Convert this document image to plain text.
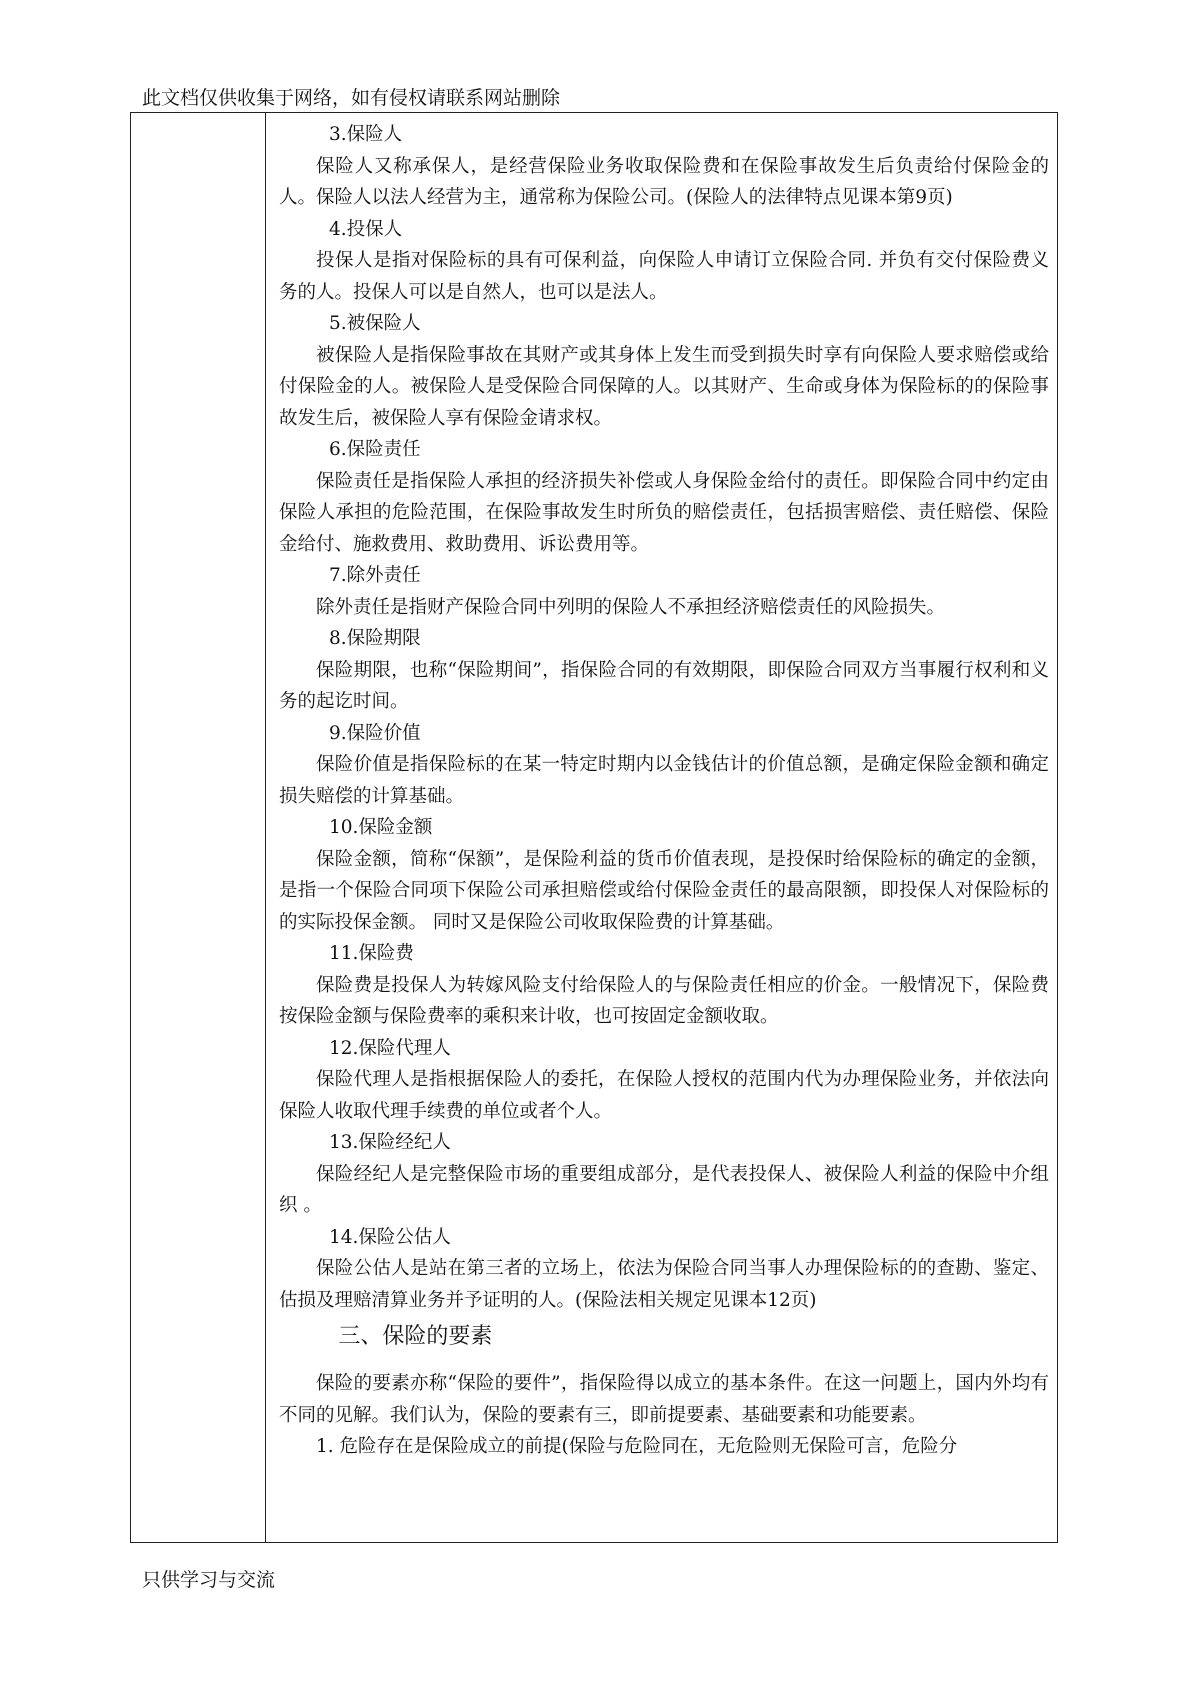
此文档仅供收集于网络，如有侵权请联系网站删除

3.保险人

保险人又称承保人，是经营保险业务收取保险费和在保险事故发生后负责给付保险金的人。保险人以法人经营为主，通常称为保险公司。(保险人的法律特点见课本第9页)

4.投保人

投保人是指对保险标的具有可保利益，向保险人申请订立保险合同. 并负有交付保险费义务的人。投保人可以是自然人，也可以是法人。

5.被保险人

被保险人是指保险事故在其财产或其身体上发生而受到损失时享有向保险人要求赔偿或给付保险金的人。被保险人是受保险合同保障的人。以其财产、生命或身体为保险标的的保险事故发生后，被保险人享有保险金请求权。

6.保险责任

保险责任是指保险人承担的经济损失补偿或人身保险金给付的责任。即保险合同中约定由保险人承担的危险范围，在保险事故发生时所负的赔偿责任，包括损害赔偿、责任赔偿、保险金给付、施救费用、救助费用、诉讼费用等。

7.除外责任

除外责任是指财产保险合同中列明的保险人不承担经济赔偿责任的风险损失。

8.保险期限

保险期限，也称“保险期间”，指保险合同的有效期限，即保险合同双方当事履行权利和义务的起讫时间。

9.保险价值

保险价值是指保险标的在某一特定时期内以金钱估计的价值总额，是确定保险金额和确定损失赔偿的计算基础。

10.保险金额

保险金额，简称“保额”，是保险利益的货币价值表现，是投保时给保险标的确定的金额，是指一个保险合同项下保险公司承担赔偿或给付保险金责任的最高限额，即投保人对保险标的的实际投保金额。 同时又是保险公司收取保险费的计算基础。

11.保险费

保险费是投保人为转嫁风险支付给保险人的与保险责任相应的价金。一般情况下，保险费按保险金额与保险费率的乘积来计收，也可按固定金额收取。

12.保险代理人

保险代理人是指根据保险人的委托，在保险人授权的范围内代为办理保险业务，并依法向保险人收取代理手续费的单位或者个人。

13.保险经纪人

保险经纪人是完整保险市场的重要组成部分，是代表投保人、被保险人利益的保险中介组织 。

14.保险公估人

保险公估人是站在第三者的立场上，依法为保险合同当事人办理保险标的的查勘、鉴定、估损及理赔清算业务并予证明的人。(保险法相关规定见课本12页)

三、保险的要素

保险的要素亦称“保险的要件”，指保险得以成立的基本条件。在这一问题上，国内外均有不同的见解。我们认为，保险的要素有三，即前提要素、基础要素和功能要素。

1. 危险存在是保险成立的前提(保险与危险同在，无危险则无保险可言，危险分

只供学习与交流
